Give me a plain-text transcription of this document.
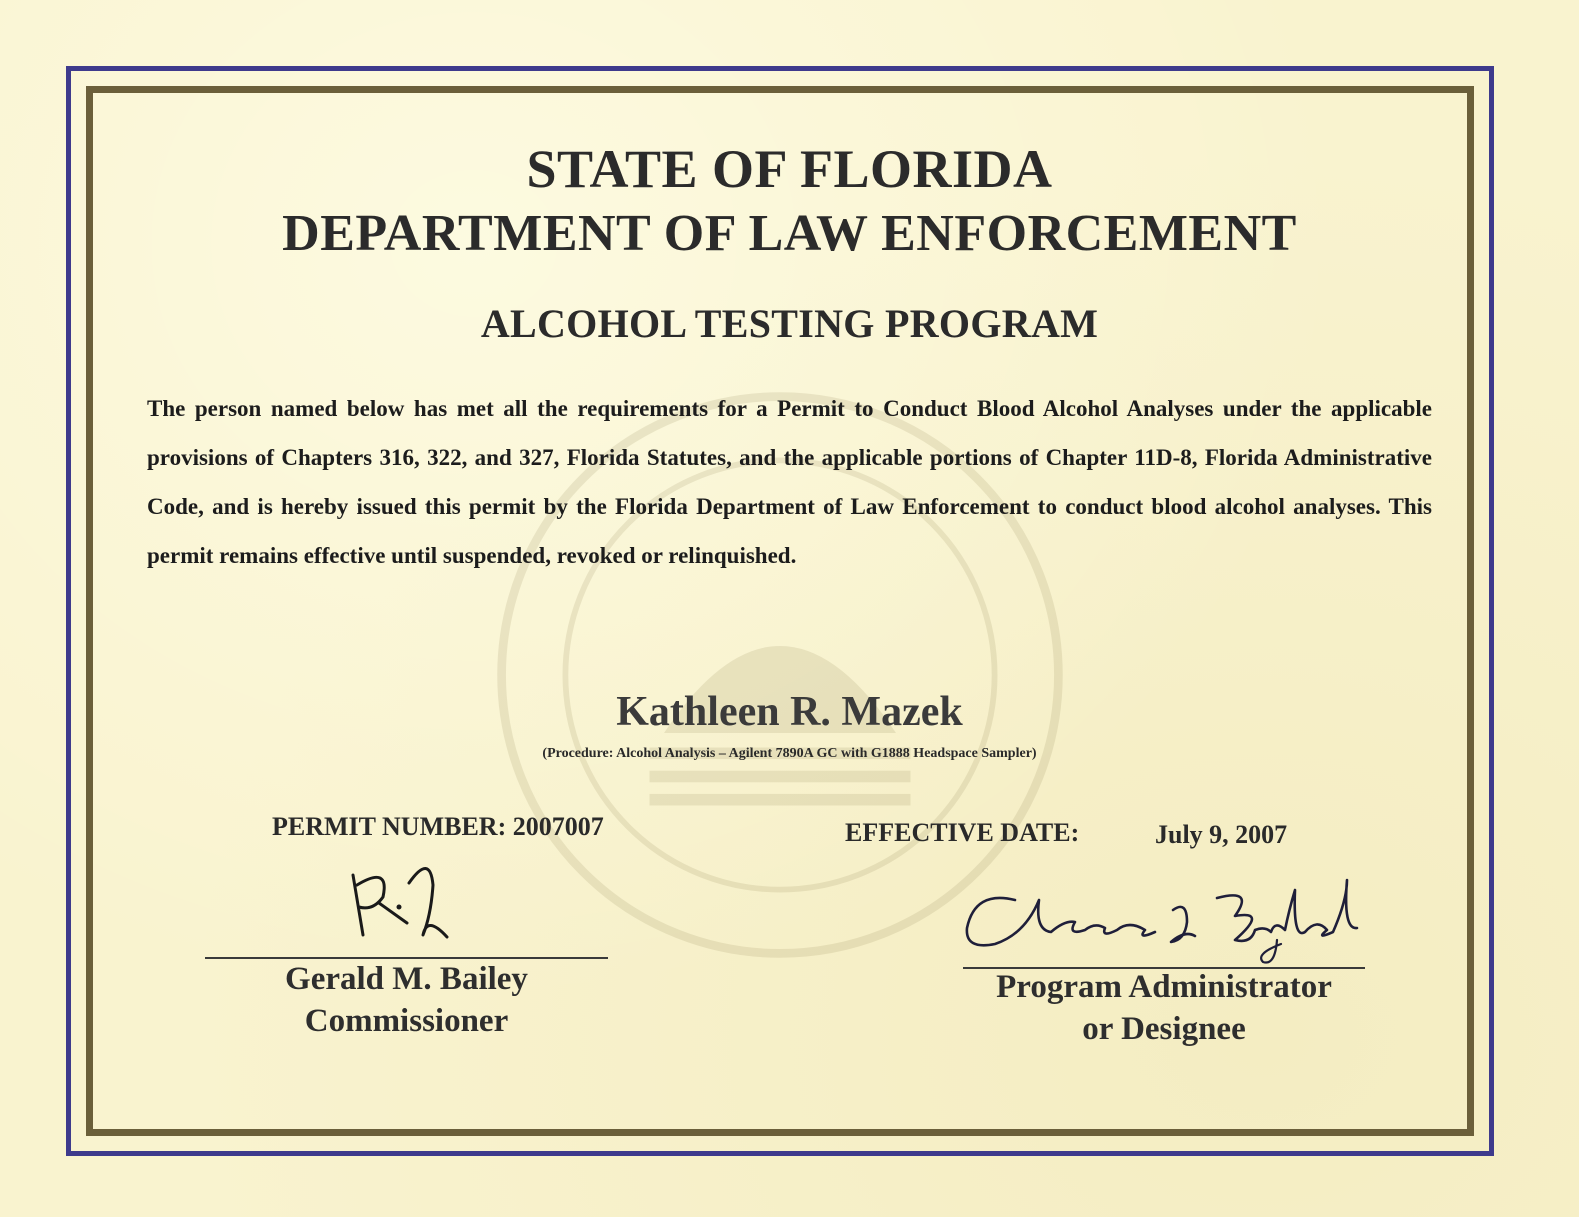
STATE OF FLORIDA
DEPARTMENT OF LAW ENFORCEMENT
ALCOHOL TESTING PROGRAM
The person named below has met all the requirements for a Permit to Conduct Blood Alcohol Analyses under the applicable provisions of Chapters 316, 322, and 327, Florida Statutes, and the applicable portions of Chapter 11D-8, Florida Administrative Code, and is hereby issued this permit by the Florida Department of Law Enforcement to conduct blood alcohol analyses. This permit remains effective until suspended, revoked or relinquished.
Kathleen R. Mazek
(Procedure: Alcohol Analysis – Agilent 7890A GC with G1888 Headspace Sampler)
PERMIT NUMBER: 2007007	EFFECTIVE DATE:	July 9, 2007
Gerald M. Bailey
Commissioner
Program Administrator
or Designee
